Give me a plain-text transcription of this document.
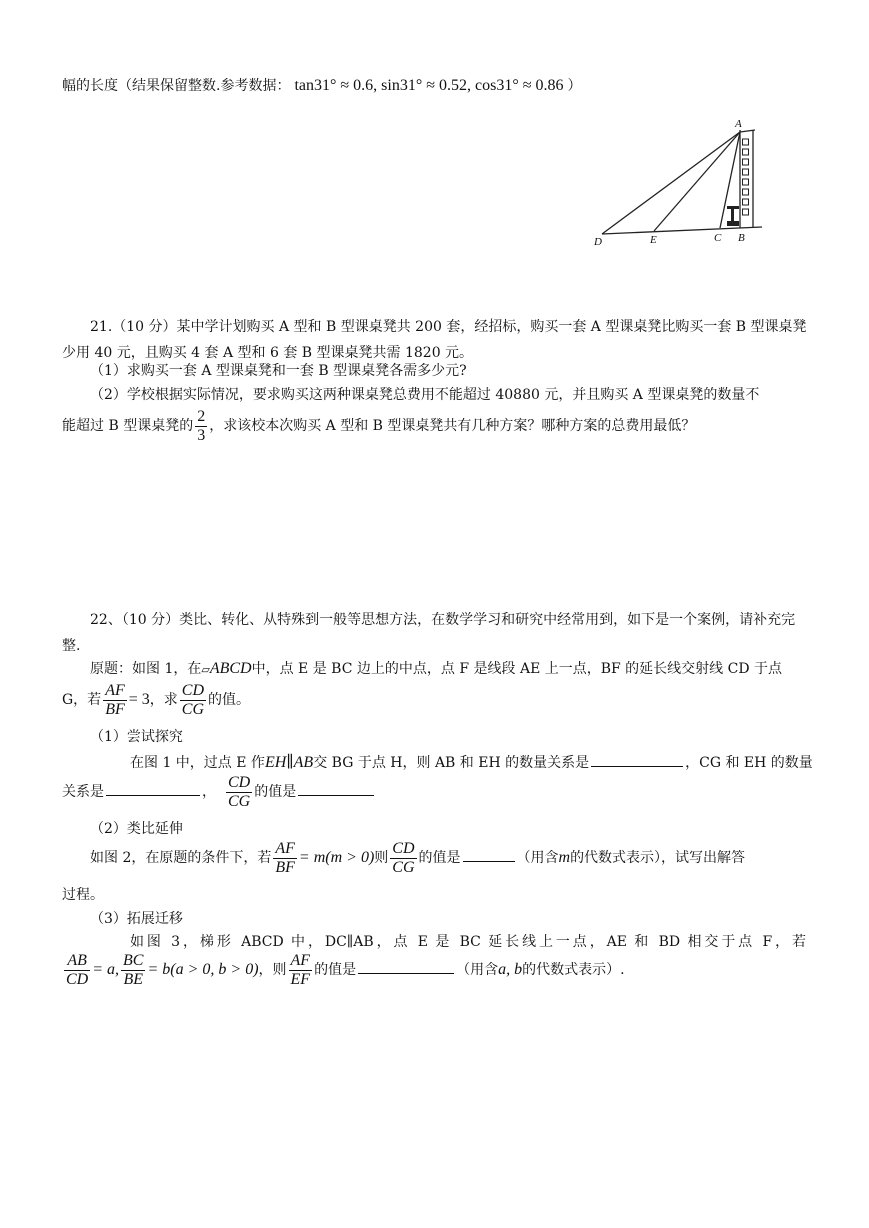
幅的长度（结果保留整数.参考数据： tan31° ≈ 0.6, sin31° ≈ 0.52, cos31° ≈ 0.86 ）
A
D	E	C B
21.（10 分）某中学计划购买 A 型和 B 型课桌凳共 200 套，经招标，购买一套 A 型课桌凳比购买一套 B 型课桌凳少用 40 元，且购买 4 套 A 型和 6 套 B 型课桌凳共需 1820 元。
（1）求购买一套 A 型课桌凳和一套 B 型课桌凳各需多少元?
（2）学校根据实际情况，要求购买这两种课桌凳总费用不能超过 40880 元，并且购买 A 型课桌凳的数量不
能超过 B 型课桌凳的 $\frac{2}{3}$ ，求该校本次购买 A 型和 B 型课桌凳共有几种方案？哪种方案的总费用最低？
22、（10 分）类比、转化、从特殊到一般等思想方法，在数学学习和研究中经常用到，如下是一个案例，请补充完整.
原题：如图 1，在▱ABCD中，点 E 是 BC 边上的中点，点 F 是线段 AE 上一点，BF 的延长线交射线 CD 于点
G，若 $\frac{AF}{BF} = 3$，求 $\frac{CD}{CG}$ 的值。
（1）尝试探究
在图 1 中，过点 E 作EH∥AB交 BG 于点 H，则 AB 和 EH 的数量关系是	，CG 和 EH 的数量
关系是	， $\frac{CD}{CG}$ 的值是
（2）类比延伸
如图 2，在原题的条件下，若 $\frac{AF}{BF} = m(m > 0)$则 $\frac{CD}{CG}$ 的值是	（用含m的代数式表示），试写出解答
过程。
（3）拓展迁移
如图 3，梯形 ABCD 中，DC∥AB，点 E 是 BC 延长线上一点，AE 和 BD 相交于点 F，若
$\frac{AB}{CD} = a$, $\frac{BC}{BE} = b(a > 0$, b > 0)，则 $\frac{AF}{EF}$ 的值是	（用含a, b的代数式表示）.
